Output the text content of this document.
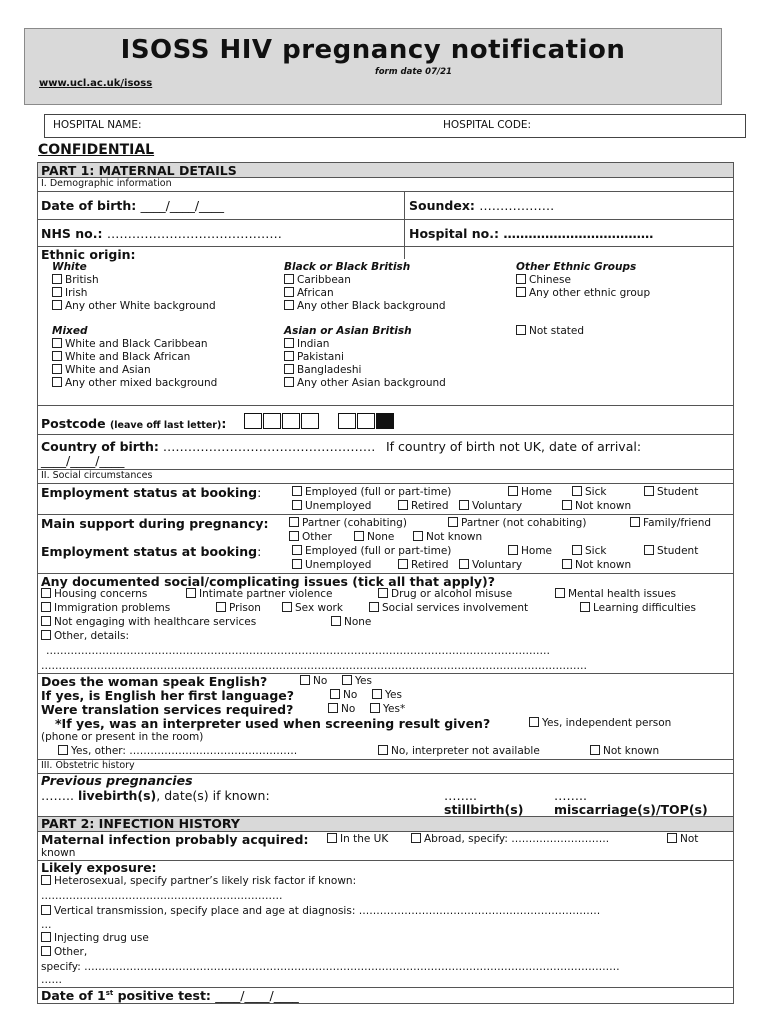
ISOSS HIV pregnancy notification
form date 07/21
www.ucl.ac.uk/isoss
HOSPITAL NAME:	HOSPITAL CODE:
CONFIDENTIAL
PART 1: MATERNAL DETAILS
I. Demographic information
Date of birth: ____/____/____	Soundex: ………………
NHS no.: ……………………………………	Hospital no.: ………………………………
Ethnic origin:
White
British
Irish
Any other White background
Black or Black British
Caribbean
African
Any other Black background
Other Ethnic Groups
Chinese
Any other ethnic group
Mixed
White and Black Caribbean
White and Black African
White and Asian
Any other mixed background
Asian or Asian British
Indian
Pakistani
Bangladeshi
Any other Asian background
Not stated
Postcode (leave off last letter):
Country of birth: …………………………………………… If country of birth not UK, date of arrival:
____/____/____
II. Social circumstances
Employment status at booking:	Employed (full or part-time)	Home	Sick	Student
Unemployed	Retired	Voluntary	Not known
Main support during pregnancy:	Partner (cohabiting)	Partner (not cohabiting)	Family/friend
Other	None	Not known
Employment status at booking:	Employed (full or part-time)	Home	Sick	Student
Unemployed	Retired	Voluntary	Not known
Any documented social/complicating issues (tick all that apply)?
Housing concerns	Intimate partner violence	Drug or alcohol misuse	Mental health issues
Immigration problems	Prison	Sex work	Social services involvement	Learning difficulties
Not engaging with healthcare services	None
Other, details:
………………………………………………………………………………………………………………………………
…………………………………………………………………………………………………………………………………………
Does the woman speak English?	No	Yes
If yes, is English her first language?	No	Yes
Were translation services required?	No	Yes*
*If yes, was an interpreter used when screening result given?	Yes, independent person
(phone or present in the room)
Yes, other: …………………………………………	No, interpreter not available	Not known
III. Obstetric history
Previous pregnancies
…….. livebirth(s), date(s) if known:	……..
stillbirth(s)
……..
miscarriage(s)/TOP(s)
PART 2: INFECTION HISTORY
Maternal infection probably acquired:	In the UK	Abroad, specify: ……………………….	Not
known
Likely exposure:
Heterosexual, specify partner’s likely risk factor if known:
……………………………………………………………
Vertical transmission, specify place and age at diagnosis: ……………………………………………………………
…
Injecting drug use
Other,
specify: ………………………………………………………………………………………………………………………………………
……
Date of 1st positive test: ____/____/____
